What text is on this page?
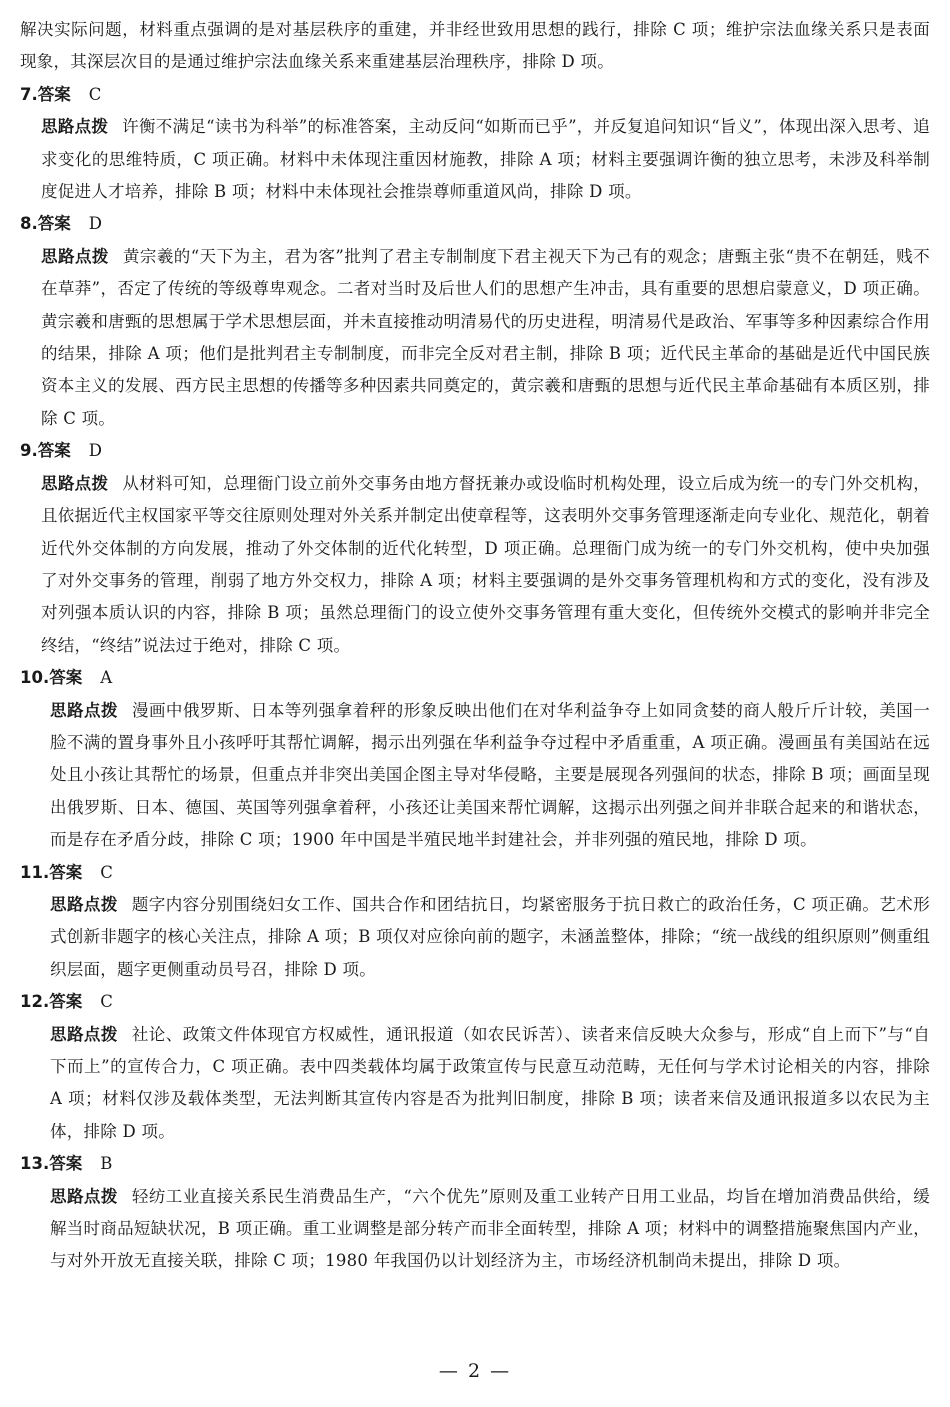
解决实际问题，材料重点强调的是对基层秩序的重建，并非经世致用思想的践行，排除 C 项；维护宗法血缘关系只是表面现象，其深层次目的是通过维护宗法血缘关系来重建基层治理秩序，排除 D 项。

7.答案 C

思路点拨 许衡不满足“读书为科举”的标准答案，主动反问“如斯而已乎”，并反复追问知识“旨义”，体现出深入思考、追求变化的思维特质，C 项正确。材料中未体现注重因材施教，排除 A 项；材料主要强调许衡的独立思考，未涉及科举制度促进人才培养，排除 B 项；材料中未体现社会推崇尊师重道风尚，排除 D 项。

8.答案 D

思路点拨 黄宗羲的“天下为主，君为客”批判了君主专制制度下君主视天下为己有的观念；唐甄主张“贵不在朝廷，贱不在草莽”，否定了传统的等级尊卑观念。二者对当时及后世人们的思想产生冲击，具有重要的思想启蒙意义，D 项正确。黄宗羲和唐甄的思想属于学术思想层面，并未直接推动明清易代的历史进程，明清易代是政治、军事等多种因素综合作用的结果，排除 A 项；他们是批判君主专制制度，而非完全反对君主制，排除 B 项；近代民主革命的基础是近代中国民族资本主义的发展、西方民主思想的传播等多种因素共同奠定的，黄宗羲和唐甄的思想与近代民主革命基础有本质区别，排除 C 项。

9.答案 D

思路点拨 从材料可知，总理衙门设立前外交事务由地方督抚兼办或设临时机构处理，设立后成为统一的专门外交机构，且依据近代主权国家平等交往原则处理对外关系并制定出使章程等，这表明外交事务管理逐渐走向专业化、规范化，朝着近代外交体制的方向发展，推动了外交体制的近代化转型，D 项正确。总理衙门成为统一的专门外交机构，使中央加强了对外交事务的管理，削弱了地方外交权力，排除 A 项；材料主要强调的是外交事务管理机构和方式的变化，没有涉及对列强本质认识的内容，排除 B 项；虽然总理衙门的设立使外交事务管理有重大变化，但传统外交模式的影响并非完全终结，“终结”说法过于绝对，排除 C 项。

10.答案 A

思路点拨 漫画中俄罗斯、日本等列强拿着秤的形象反映出他们在对华利益争夺上如同贪婪的商人般斤斤计较，美国一脸不满的置身事外且小孩呼吁其帮忙调解，揭示出列强在华利益争夺过程中矛盾重重，A 项正确。漫画虽有美国站在远处且小孩让其帮忙的场景，但重点并非突出美国企图主导对华侵略，主要是展现各列强间的状态，排除 B 项；画面呈现出俄罗斯、日本、德国、英国等列强拿着秤，小孩还让美国来帮忙调解，这揭示出列强之间并非联合起来的和谐状态，而是存在矛盾分歧，排除 C 项；1900 年中国是半殖民地半封建社会，并非列强的殖民地，排除 D 项。

11.答案 C

思路点拨 题字内容分别围绕妇女工作、国共合作和团结抗日，均紧密服务于抗日救亡的政治任务，C 项正确。艺术形式创新非题字的核心关注点，排除 A 项；B 项仅对应徐向前的题字，未涵盖整体，排除；“统一战线的组织原则”侧重组织层面，题字更侧重动员号召，排除 D 项。

12.答案 C

思路点拨 社论、政策文件体现官方权威性，通讯报道（如农民诉苦）、读者来信反映大众参与，形成“自上而下”与“自下而上”的宣传合力，C 项正确。表中四类载体均属于政策宣传与民意互动范畴，无任何与学术讨论相关的内容，排除 A 项；材料仅涉及载体类型，无法判断其宣传内容是否为批判旧制度，排除 B 项；读者来信及通讯报道多以农民为主体，排除 D 项。

13.答案 B

思路点拨 轻纺工业直接关系民生消费品生产，“六个优先”原则及重工业转产日用工业品，均旨在增加消费品供给，缓解当时商品短缺状况，B 项正确。重工业调整是部分转产而非全面转型，排除 A 项；材料中的调整措施聚焦国内产业，与对外开放无直接关联，排除 C 项；1980 年我国仍以计划经济为主，市场经济机制尚未提出，排除 D 项。

— 2 —
